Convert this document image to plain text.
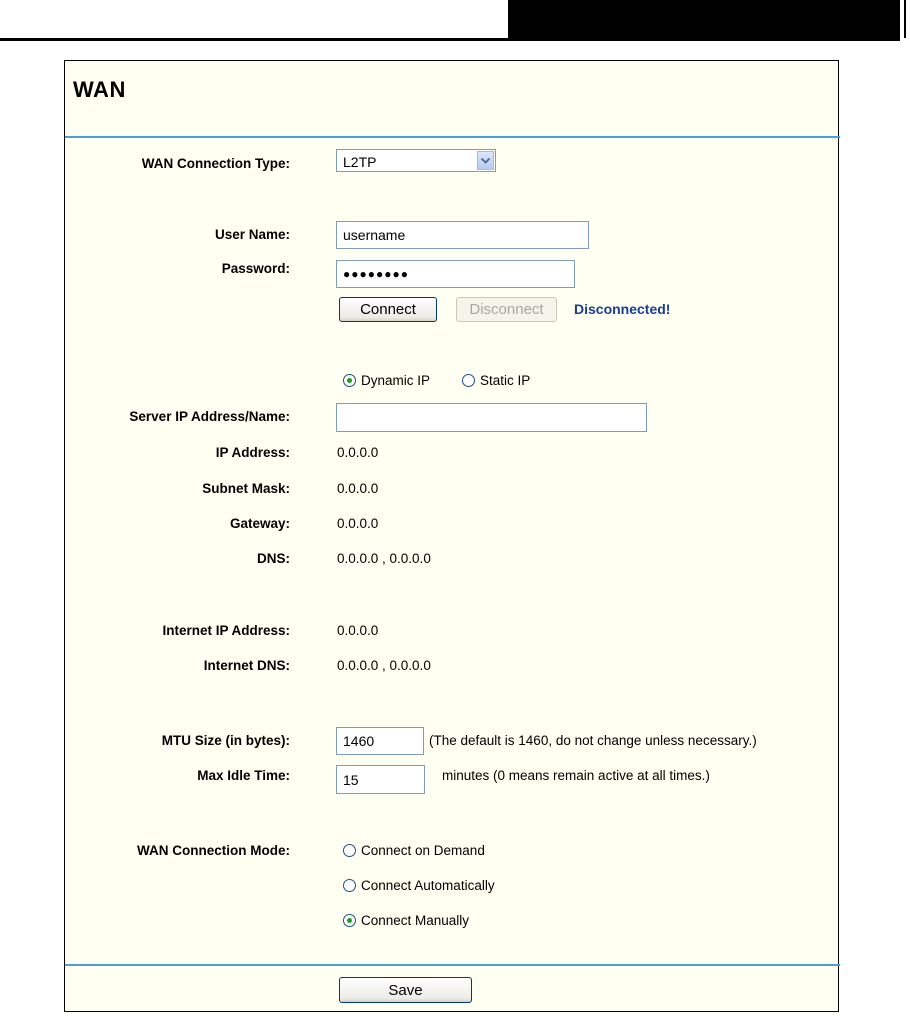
WAN
WAN Connection Type:	L2TP
User Name:
username
Password:
●●●●●●●●
Connect	Disconnect	Disconnected!
Dynamic IP	Static IP
Server IP Address/Name:
IP Address:	0.0.0.0
Subnet Mask:	0.0.0.0
Gateway:	0.0.0.0
DNS:	0.0.0.0 , 0.0.0.0
Internet IP Address:	0.0.0.0
Internet DNS:	0.0.0.0 , 0.0.0.0
MTU Size (in bytes):
1460	(The default is 1460, do not change unless necessary.)
Max Idle Time:
15	minutes (0 means remain active at all times.)
WAN Connection Mode:	Connect on Demand
Connect Automatically
Connect Manually
Save
